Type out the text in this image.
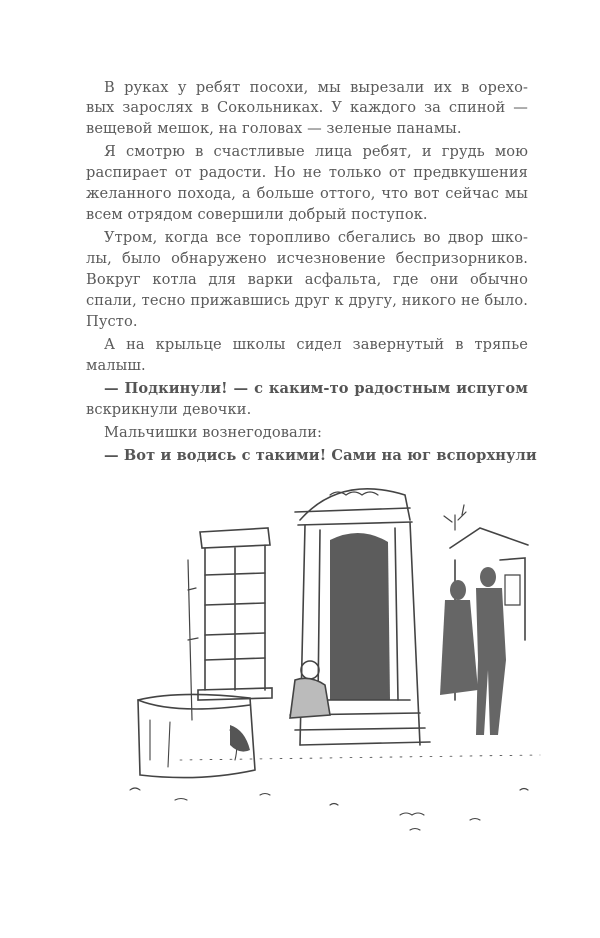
В руках у ребят посохи, мы вырезали их в орехо-
вых зарослях в Сокольниках. У каждого за спиной —
вещевой мешок, на головах — зеленые панамы.
Я смотрю в счастливые лица ребят, и грудь мою
распирает от радости. Но не только от предвкушения
желанного похода, а больше оттого, что вот сейчас мы
всем отрядом совершили добрый поступок.
Утром, когда все торопливо сбегались во двор шко-
лы, было обнаружено исчезновение беспризорников.
Вокруг котла для варки асфальта, где они обычно
спали, тесно прижавшись друг к другу, никого не было.
Пусто.
А на крыльце школы сидел завернутый в тряпье
малыш.
— Подкинули! — с каким-то радостным испугом
вскрикнули девочки.
Мальчишки вознегодовали:
— Вот и водись с такими! Сами на юг вспорхнули
